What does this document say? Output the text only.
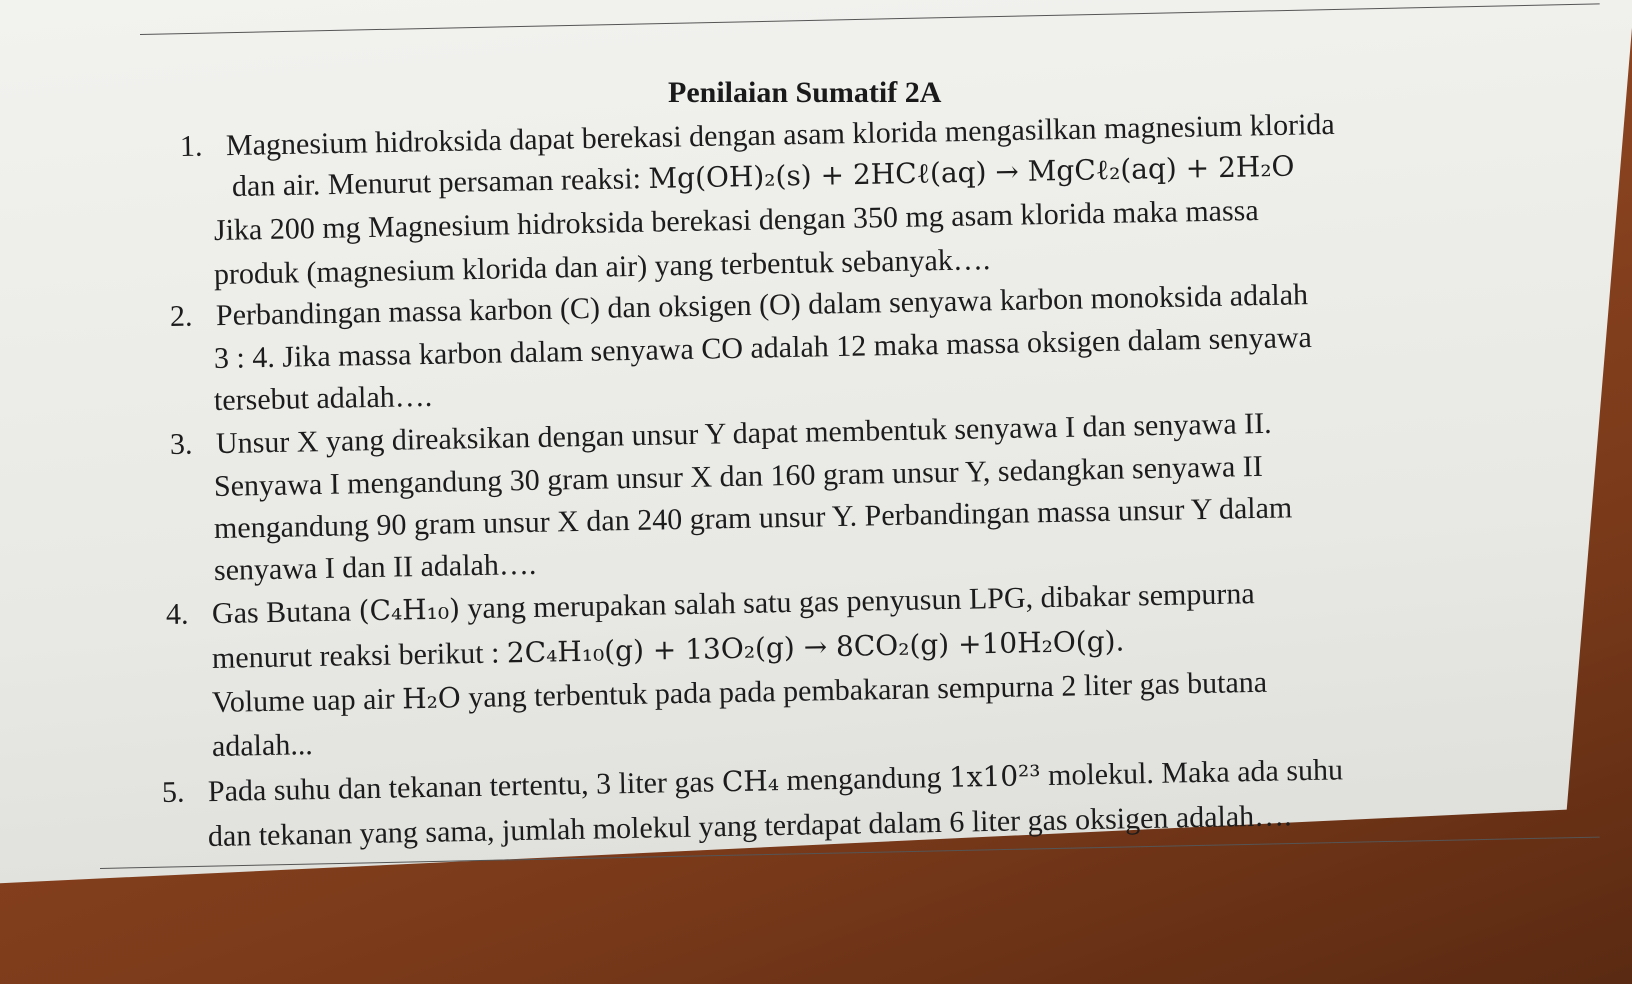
Penilaian Sumatif 2A
1. Magnesium hidroksida dapat berekasi dengan asam klorida mengasilkan magnesium klorida
dan air. Menurut persaman reaksi: Mg(OH)₂(s) + 2HCℓ(aq) → MgCℓ₂(aq) + 2H₂O
Jika 200 mg Magnesium hidroksida berekasi dengan 350 mg asam klorida maka massa
produk (magnesium klorida dan air) yang terbentuk sebanyak….
2. Perbandingan massa karbon (C) dan oksigen (O) dalam senyawa karbon monoksida adalah
3 : 4. Jika massa karbon dalam senyawa CO adalah 12 maka massa oksigen dalam senyawa
tersebut adalah….
3. Unsur X yang direaksikan dengan unsur Y dapat membentuk senyawa I dan senyawa II.
Senyawa I mengandung 30 gram unsur X dan 160 gram unsur Y, sedangkan senyawa II
mengandung 90 gram unsur X dan 240 gram unsur Y. Perbandingan massa unsur Y dalam
senyawa I dan II adalah….
4. Gas Butana (C₄H₁₀) yang merupakan salah satu gas penyusun LPG, dibakar sempurna
menurut reaksi berikut : 2C₄H₁₀(g) + 13O₂(g) → 8CO₂(g) +10H₂O(g).
Volume uap air H₂O yang terbentuk pada pada pembakaran sempurna 2 liter gas butana
adalah...
5. Pada suhu dan tekanan tertentu, 3 liter gas CH₄ mengandung 1x10²³ molekul. Maka ada suhu
dan tekanan yang sama, jumlah molekul yang terdapat dalam 6 liter gas oksigen adalah….
